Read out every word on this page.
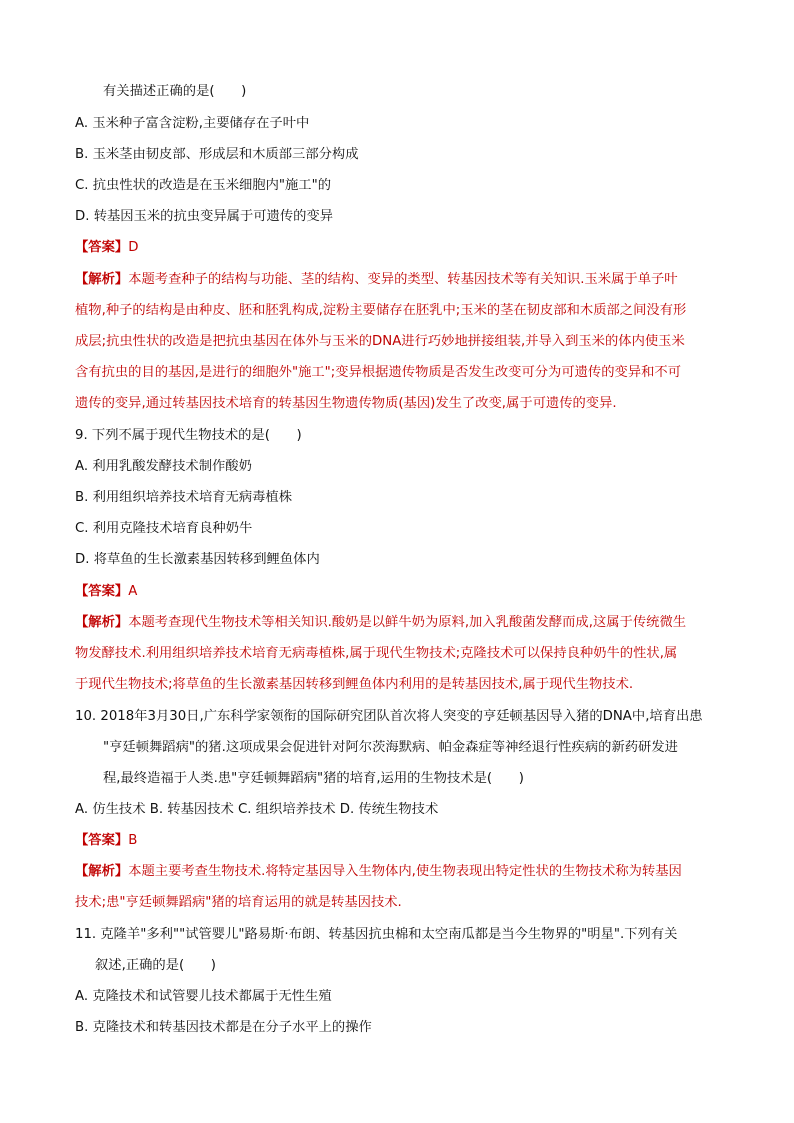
有关描述正确的是(　　)
A. 玉米种子富含淀粉,主要储存在子叶中
B. 玉米茎由韧皮部、形成层和木质部三部分构成
C. 抗虫性状的改造是在玉米细胞内"施工"的
D. 转基因玉米的抗虫变异属于可遗传的变异
【答案】D
【解析】本题考查种子的结构与功能、茎的结构、变异的类型、转基因技术等有关知识.玉米属于单子叶
植物,种子的结构是由种皮、胚和胚乳构成,淀粉主要储存在胚乳中;玉米的茎在韧皮部和木质部之间没有形
成层;抗虫性状的改造是把抗虫基因在体外与玉米的DNA进行巧妙地拼接组装,并导入到玉米的体内使玉米
含有抗虫的目的基因,是进行的细胞外"施工";变异根据遗传物质是否发生改变可分为可遗传的变异和不可
遗传的变异,通过转基因技术培育的转基因生物遗传物质(基因)发生了改变,属于可遗传的变异.
9. 下列不属于现代生物技术的是(　　)
A. 利用乳酸发酵技术制作酸奶
B. 利用组织培养技术培育无病毒植株
C. 利用克隆技术培育良种奶牛
D. 将草鱼的生长激素基因转移到鲤鱼体内
【答案】A
【解析】本题考查现代生物技术等相关知识.酸奶是以鲜牛奶为原料,加入乳酸菌发酵而成,这属于传统微生
物发酵技术.利用组织培养技术培育无病毒植株,属于现代生物技术;克隆技术可以保持良种奶牛的性状,属
于现代生物技术;将草鱼的生长激素基因转移到鲤鱼体内利用的是转基因技术,属于现代生物技术.
10. 2018年3月30日,广东科学家领衔的国际研究团队首次将人突变的亨廷顿基因导入猪的DNA中,培育出患
"亨廷顿舞蹈病"的猪.这项成果会促进针对阿尔茨海默病、帕金森症等神经退行性疾病的新药研发进
程,最终造福于人类.患"亨廷顿舞蹈病"猪的培育,运用的生物技术是(　　)
A. 仿生技术 B. 转基因技术 C. 组织培养技术 D. 传统生物技术
【答案】B
【解析】本题主要考查生物技术.将特定基因导入生物体内,使生物表现出特定性状的生物技术称为转基因
技术;患"亨廷顿舞蹈病"猪的培育运用的就是转基因技术.
11. 克隆羊"多利""试管婴儿"路易斯·布朗、转基因抗虫棉和太空南瓜都是当今生物界的"明星".下列有关
叙述,正确的是(　　)
A. 克隆技术和试管婴儿技术都属于无性生殖
B. 克隆技术和转基因技术都是在分子水平上的操作
